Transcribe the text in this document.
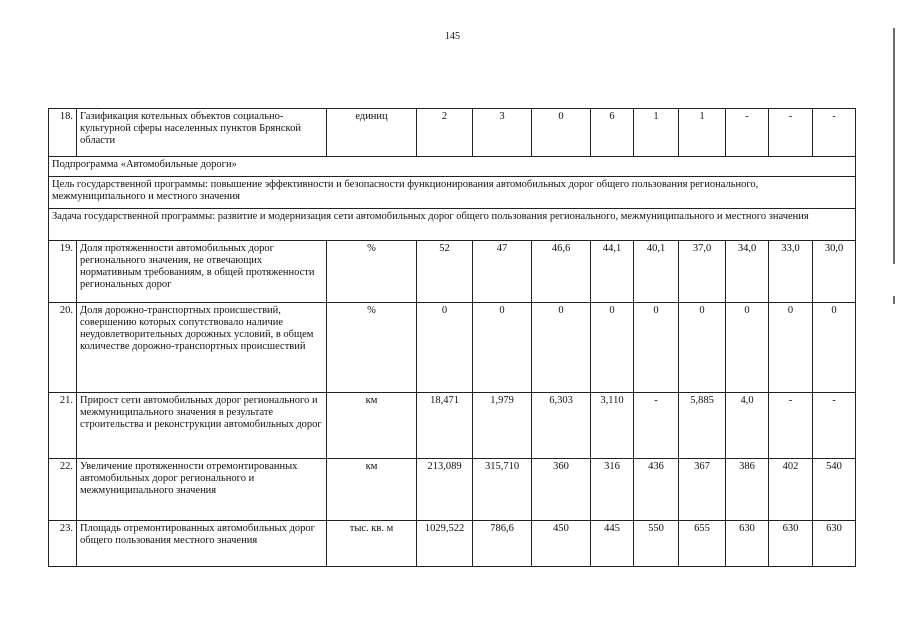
145
18.	Газификация котельных объектов социально-культурной сферы населенных пунктов Брянской области	единиц	2	3	0	6	1	1	-	-	-
Подпрограмма «Автомобильные дороги»											
Цель государственной программы: повышение эффективности и безопасности функционирования автомобильных дорог общего пользования регионального, межмуниципального и местного значения											
Задача государственной программы: развитие и модернизация сети автомобильных дорог общего пользования регионального, межмуниципального и местного значения											
19.	Доля протяженности автомобильных дорог регионального значения, не отвечающих нормативным требованиям, в общей протяженности региональных дорог	%	52	47	46,6	44,1	40,1	37,0	34,0	33,0	30,0
20.	Доля дорожно-транспортных происшествий, совершению которых сопутствовало наличие неудовлетворительных дорожных условий, в общем количестве дорожно-транспортных происшествий	%	0	0	0	0	0	0	0	0	0
21.	Прирост сети автомобильных дорог регионального и межмуниципального значения в результате строительства и реконструкции автомобильных дорог	км	18,471	1,979	6,303	3,110	-	5,885	4,0	-	-
22.	Увеличение протяженности отремонтированных автомобильных дорог регионального и межмуниципального значения	км	213,089	315,710	360	316	436	367	386	402	540
23.	Площадь отремонтированных автомобильных дорог общего пользования местного значения	тыс. кв. м	1029,522	786,6	450	445	550	655	630	630	630
